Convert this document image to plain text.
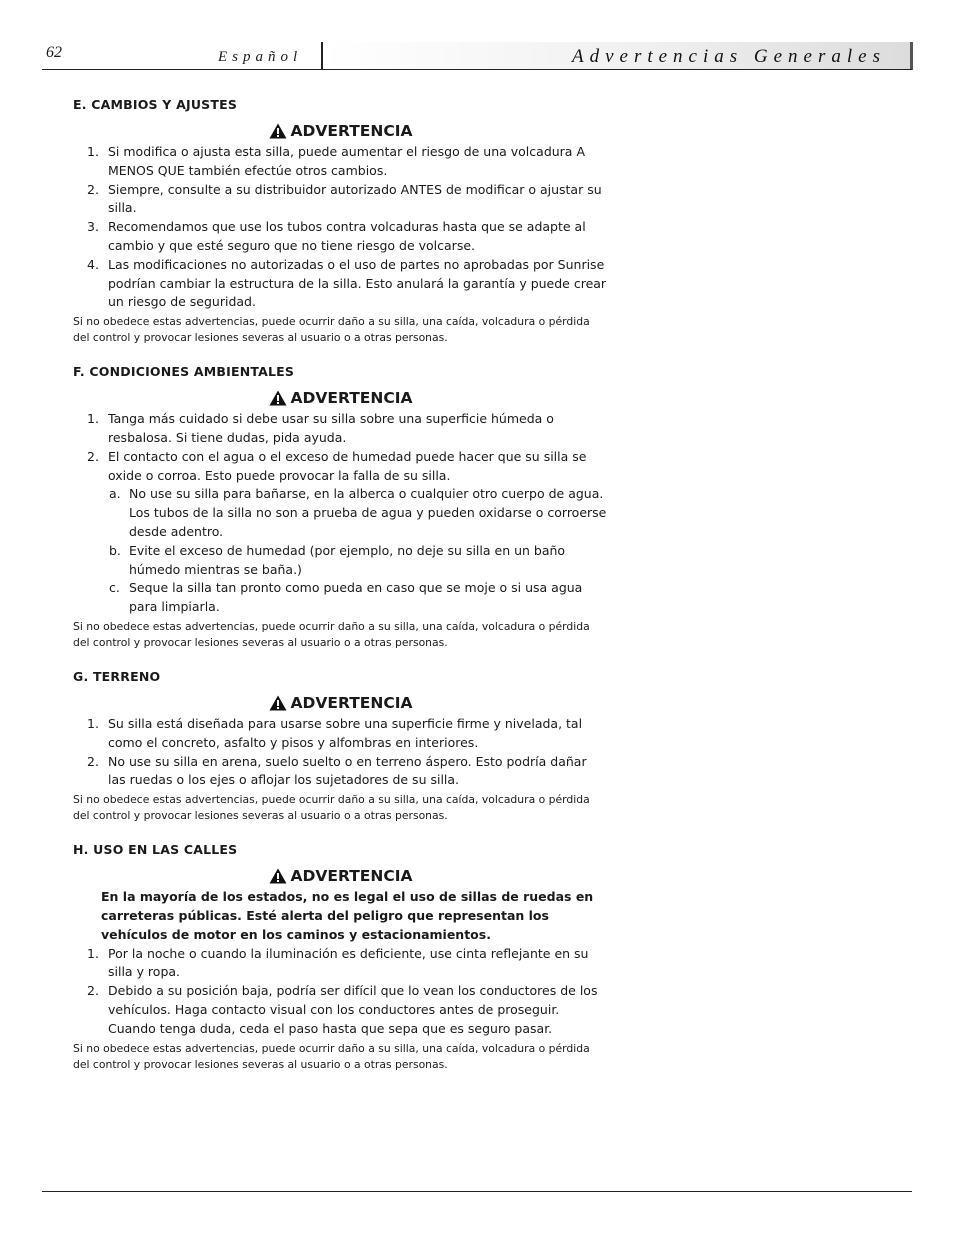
62	Español	Advertencias Generales
E. CAMBIOS Y AJUSTES
ADVERTENCIA
1. Si modifica o ajusta esta silla, puede aumentar el riesgo de una volcadura A MENOS QUE también efectúe otros cambios.
2. Siempre, consulte a su distribuidor autorizado ANTES de modificar o ajustar su silla.
3. Recomendamos que use los tubos contra volcaduras hasta que se adapte al cambio y que esté seguro que no tiene riesgo de volcarse.
4. Las modificaciones no autorizadas o el uso de partes no aprobadas por Sunrise podrían cambiar la estructura de la silla. Esto anulará la garantía y puede crear un riesgo de seguridad.
Si no obedece estas advertencias, puede ocurrir daño a su silla, una caída, volcadura o pérdida del control y provocar lesiones severas al usuario o a otras personas.
F. CONDICIONES AMBIENTALES
ADVERTENCIA
1. Tanga más cuidado si debe usar su silla sobre una superficie húmeda o resbalosa. Si tiene dudas, pida ayuda.
2. El contacto con el agua o el exceso de humedad puede hacer que su silla se oxide o corroa. Esto puede provocar la falla de su silla.
a. No use su silla para bañarse, en la alberca o cualquier otro cuerpo de agua. Los tubos de la silla no son a prueba de agua y pueden oxidarse o corroerse desde adentro.
b. Evite el exceso de humedad (por ejemplo, no deje su silla en un baño húmedo mientras se baña.)
c. Seque la silla tan pronto como pueda en caso que se moje o si usa agua para limpiarla.
Si no obedece estas advertencias, puede ocurrir daño a su silla, una caída, volcadura o pérdida del control y provocar lesiones severas al usuario o a otras personas.
G. TERRENO
ADVERTENCIA
1. Su silla está diseñada para usarse sobre una superficie firme y nivelada, tal como el concreto, asfalto y pisos y alfombras en interiores.
2. No use su silla en arena, suelo suelto o en terreno áspero. Esto podría dañar las ruedas o los ejes o aflojar los sujetadores de su silla.
Si no obedece estas advertencias, puede ocurrir daño a su silla, una caída, volcadura o pérdida del control y provocar lesiones severas al usuario o a otras personas.
H. USO EN LAS CALLES
ADVERTENCIA
En la mayoría de los estados, no es legal el uso de sillas de ruedas en carreteras públicas. Esté alerta del peligro que representan los vehículos de motor en los caminos y estacionamientos.
1. Por la noche o cuando la iluminación es deficiente, use cinta reflejante en su silla y ropa.
2. Debido a su posición baja, podría ser difícil que lo vean los conductores de los vehículos. Haga contacto visual con los conductores antes de proseguir. Cuando tenga duda, ceda el paso hasta que sepa que es seguro pasar.
Si no obedece estas advertencias, puede ocurrir daño a su silla, una caída, volcadura o pérdida del control y provocar lesiones severas al usuario o a otras personas.
